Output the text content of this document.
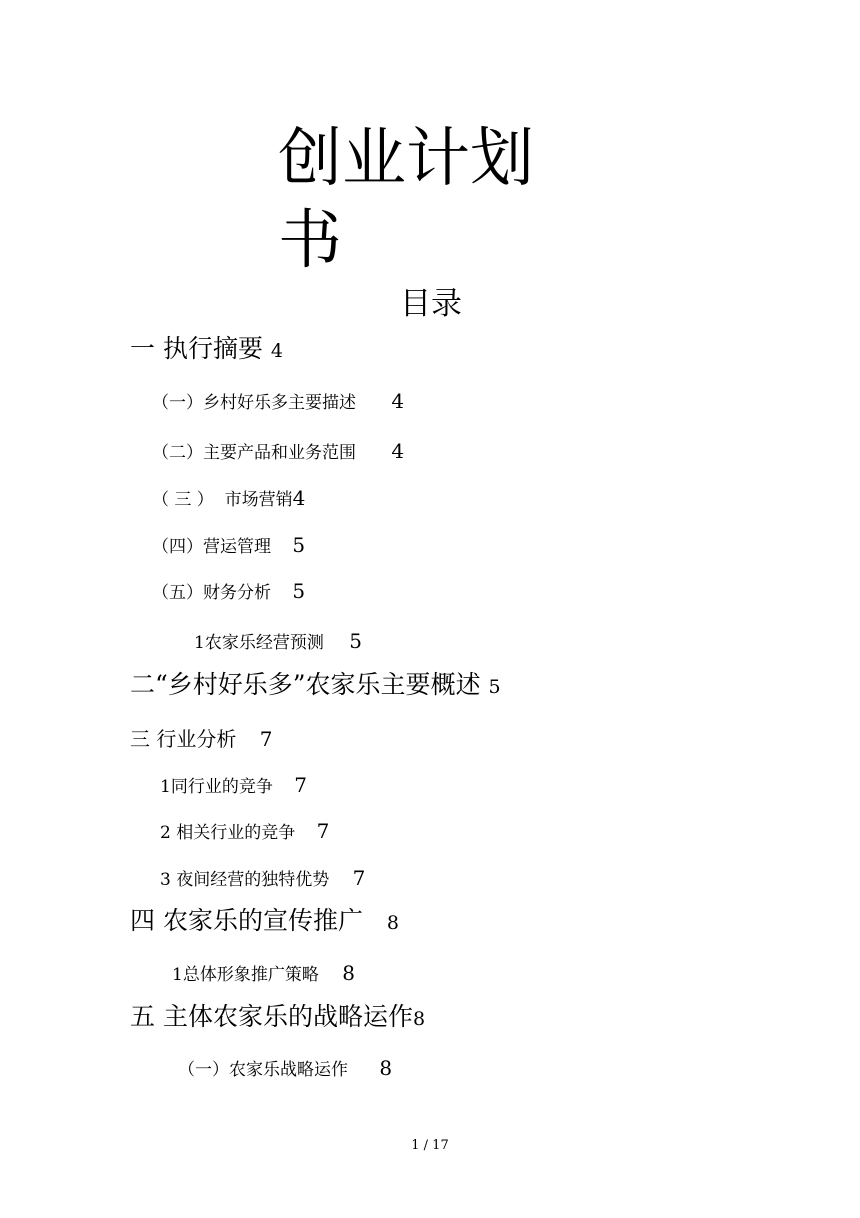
创业计划书
目录
一 执行摘要 4
（一）乡村好乐多主要描述 4
（二）主要产品和业务范围 4
（ 三 ）  市场营销4
（四）营运管理 5
（五）财务分析 5
1农家乐经营预测 5
二“乡村好乐多”农家乐主要概述 5
三 行业分析 7
1同行业的竞争 7
2 相关行业的竞争 7
3 夜间经营的独特优势 7
四 农家乐的宣传推广 8
1总体形象推广策略 8
五 主体农家乐的战略运作8
（一）农家乐战略运作 8
1 / 17
